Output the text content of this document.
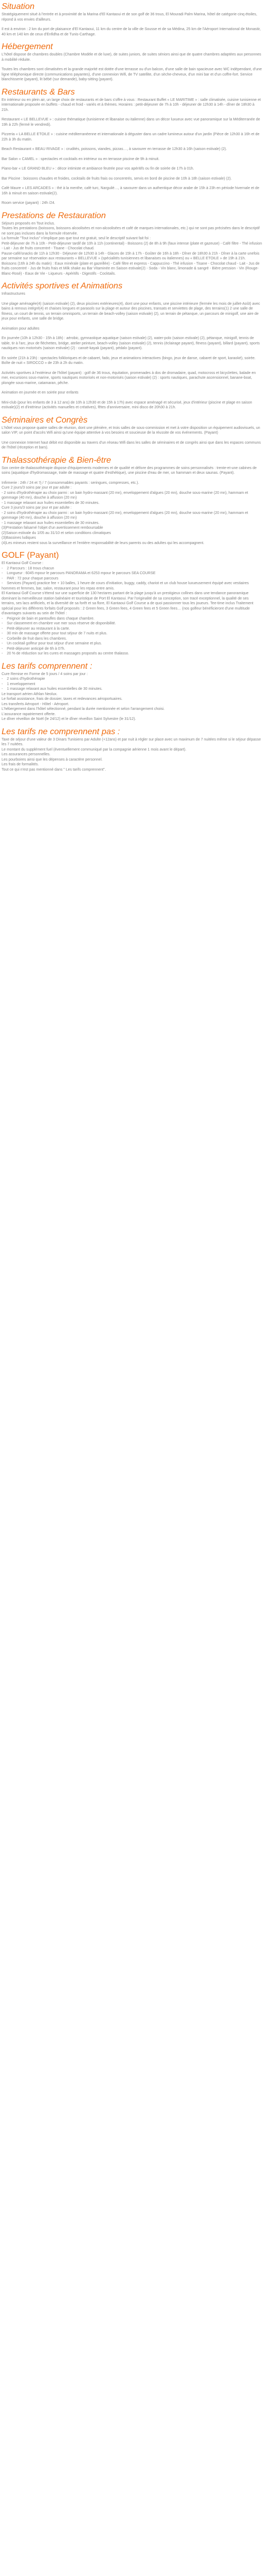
Situation

Stratégiquement situé à l'entrée et à proximité de la Marina d'El Kantaoui et de son golf de 36 trous, El Mouradi Palm Marina, hôtel de catégorie cinq étoiles, répond à vos envies d'ailleurs.

Il est à environ : 2 km du port de plaisance d'El Kantaoui, 11 km du centre de la ville de Sousse et de sa Médina, 25 km de l'Aéroport International de Monastir, 40 km et 140 km de ceux d'Enfidha et de Tunis-Carthage.

Hébergement

L'hôtel dispose de chambres doubles (Chambre Modèle et de luxe), de suites juniors, de suites séniors ainsi que de quatre chambres adaptées aux personnes à mobilité réduite.

Toutes les chambres sont climatisées et la grande majorité est dotée d'une terrasse ou d'un balcon, d'une salle de bain spacieuse avec WC indépendant, d'une ligne téléphonique directe (communications payantes), d'une connexion Wifi, de TV satellite, d'un sèche-cheveux, d'un mini bar et d'un coffre-fort. Service blanchisserie (payant), lit bébé (sur demande), baby-sitting (payant).

Restaurants & Bars

En intérieur ou en plein air, un large choix de restaurants et de bars s'offre à vous : Restaurant Buffet « LE MARITIME » : salle climatisée, cuisine tunisienne et internationale proposée en buffets - chaud et froid - variés et à thèmes. Horaires : petit-déjeuner de 7h à 10h - déjeuner de 12h30 à 14h - dîner de 18h30 à 21h.

Restaurant « LE BELLEVUE » : cuisine thématique (tunisienne et libanaise ou italienne) dans un décor luxueux avec vue panoramique sur la Méditerranée de 19h à 22h (fermé le vendredi).

Pizzeria « LA BELLE ETOILE » : cuisine méditerranéenne et internationale à déguster dans un cadre lumineux autour d'un jardin (Pièce de 12h30 à 16h et de 22h à 3h du matin.

Beach Restaurant « BEAU RIVAGE » : crudités, poissons, viandes, pizzas…, à savourer en terrasse de 12h30 à 16h (saison estivale) (2).

Bar Salon « CAMEL » : spectacles et cocktails en intérieur ou en terrasse piscine de 9h à minuit.

Piano-bar « LE GRAND BLEU » : décor intimiste et ambiance feutrée pour vos apéritifs ou fin de soirée de 17h à 01h.

Bar Piscine : boissons chaudes et froides, cocktails de fruits frais ou concentrés, servis en bord de piscine de 10h à 18h (saison estivale) (2).

Café Maure « LES ARCADES » : thé à la menthe, café turc, Narguilé…, à savourer dans un authentique décor arabe de 15h à 23h en période hivernale et de 16h à minuit en saison estivale(2).

Room service (payant) : 24h /24.

Prestations de Restauration

Séjours proposés en Tout inclus.

Toutes les prestations (boissons, boissons alcoolisées et non-alcoolisées et café de marques internationales, etc.) qui ne sont pas précisées dans le descriptif ne sont pas incluses dans la formule réservée.

La formule "Tout inclus" n'implique pas que tout est gratuit, seul le descriptif suivant fait foi :

Petit-déjeuner de 7h à 10h - Petit-déjeuner tardif de 10h à 11h (continental) - Boissons (2) de 8h à 9h (faux intense (plate et gazeuse) - Café filtre - Thé infusion - Lait - Jus de fruits concentré - Tisane - Chocolat chaud.

Pause-café/snacks de 11h à 12h30 - Déjeuner de 12h30 à 14h - Glaces de 15h à 17h - Goûter de 16h à 18h - Dîner de 18h30 à 21h - Dîner à la carte unefois par semaine sur réservation aux restaurants « BELLEVUE » (spécialités tunisiennes et libanaises ou italiennes) ou « BELLE ETOILE » de 19h à 21h.

Boissons (16h à 24h du matin) : Eaux minérale (plate et gazeillée) - Café filtre et express - Cappuccino - Thé infusion - Tisane - Chocolat chaud - Lait - Jus de fruits concentré - Jus de fruits frais et Milk shake au Bar Vitaminée en Saison estivale(2) - Soda - Vin blanc, limonade & sangré - Bière pression - Vin (Rouge-Blanc-Rosé) - Eaux de Vie - Liqueurs - Apéritifs - Digestifs - Cocktails.

Activités sportives et Animations

Infrastructures

Une plage aménagée(4) (saison estivale) (2), deux piscines extérieures(4), dont une pour enfants, une piscine intérieure (fermée les mois de juillet-Août) avec bains à remous intégré(4) et chaises longues et parasols sur la plage et autour des piscines, transats et serviettes de plage, des terrains(1) 2 une salle de fitness, un court de tennis, un terrain omnisports, un terrain de beach-volley (saison estivale) (2), un terrain de pétanque, un parcours de minigolf, une aire de jeux pour enfants, une salle de bridge.

Animation pour adultes

En journée (10h à 12h30 - 15h à 18h) : aérobic, gymnastique aquatique (saison estivale) (2), water-polo (saison estivale) (2), pétanque, minigolf, tennis de table, tir à l'arc, jeux de fléchettes, bridge, atelier peinture, beach-volley (saison estivale) (2), tennis (éclairage payant), fitness (payant), billard (payant), sports nautiques non motorisés (saison estivale) (2) : canoë-kayak (payant), pédalo (payant).

En soirée (21h à 23h) : spectacles folkloriques et de cabaret, fado, jeux et animations interactives (bingo, jeux de danse, cabaret de sport, karaoké), soirée. Boîte de nuit « SIROCCO » de 23h à 2h du matin.

Activités sportives à l'extérieur de l'hôtel (payant) : golf de 36 trous, équitation, promenades à dos de dromadaire, quad, motocross et bicyclettes, balade en mer, excursions sous-marine, sports nautiques motorisés et non-motorisés (saison estivale) (2) : sports nautiques, parachute ascensionnel, banane-boat, plongée sous-marine, catamaran, pêche.

Animation en journée et en soirée pour enfants

Mini-club (pour les enfants de 3 à 12 ans) de 10h à 12h30 et de 15h à 17h) avec espace aménagé et sécurisé, jeux d'intérieur (piscine et plage en saison estivale)(2) et d'intérieur (activités manuelles et créatives), fêtes d'anniversaire, mini disco de 20h30 à 21h.

Séminaires et Congrès

L'hôtel vous propose quatre salles de réunion, dont une plénière, et trois salles de sous-commission et met à votre disposition un équipement audiovisuels, un salon VIP, un point d'accès Wifi ainsi qu'une équipe attentive à vos besoins et soucieuse de la réussite de vos événements. (Payant)

Une connexion Internet haut débit est disponible au travers d'un réseau Wifi dans les salles de séminaires et de congrès ainsi que dans les espaces communs de l'hôtel (réception et bars).

Thalassothérapie & Bien-être

Son centre de thalassothérapie dispose d'équipements modernes et de qualité et délivre des programmes de soins personnalisés : trente-et-une cabines de soins (aquatique d'hydromassage, traite de massage et quatre d'esthétique), une piscine d'eau de mer, un hammam et deux saunas. (Payant).

Infirmerie : 24h / 24 et 7j / 7 (consommables payants : seringues, compresses, etc.).

Cure 2 jours/3 soins par jour et par adulte :

- 2 soins d'hydrothérapie au choix parmi : un bain hydro-massant (20 mn), enveloppement d'algues (20 mn), douche sous-marine (20 mn), hammam et gommage (40 mn), douche à affusion (20 mn)

- 1 massage relaxant aux huiles essentielles de 30 minutes.

Cure 3 jours/3 soins par jour et par adulte :

- 2 soins d'hydrothérapie au choix parmi : un bain hydro-massant (20 mn), enveloppement d'algues (20 mn), douche sous-marine (20 mn), hammam et gommage (40 mn), douche à affusion (20 mn)

- 1 massage relaxant aux huiles essentielles de 30 minutes.

(3)Prestation falsarné l'objet d'un avertissement remboursable

(2)Saison estivale du 1/05 au 31/10 et selon conditions climatiques

(3)Bassines ludiques

(4)Les mineurs restent sous la surveillance et l'entière responsabilité de leurs parents ou des adultes qui les accompagnent.

GOLF (Payant)

El Kantaoui Golf Course :

- 2 Parcours : 18 trous chacun
- Longueur : 6045 mpour le parcours PANORAMA et 6253 mpour le parcours SEA COURSE
- PAR : 72 pour chaque parcours
- Services (Payant) practice fee + 10 balles, 1 heure de cours d'initiation, buggy, caddy, chariot et un club house luxueusement équipé avec vestiaires hommes et femmes, bar, salon, restaurant pour les repas entre amis.

El Kantaoui Golf Course s'étend sur une superficie de 130 hectares partant de la plage jusqu'à un prestigieux collines dans une tendance panoramique dominant la merveilleuse station balnéaire et touristique de Port El Kantaoui. Par l'originalité de sa conception, son tracé exceptionnel, la qualité de ses terrains, ses lacs artificiels, et la diversité de sa forêt et sa flore, El Kantaoui Golf Course a de quoi passionner tous les joueurs. Tee-time inclus Traitement spécial pour les différents forfaits Golf proposés : 2 Green fees, 3 Green fees, 4 Green fees et 5 Green fees… (nos golfeur bénéficieront d'une multitude d'avantages suivants au sein de l'hôtel :

- Peignoir de bain et pantoufles dans chaque chambre.
- Sur classement en chambre vue mer sous réserve de disponibilité.
- Petit-déjeuner au restaurant à la carte.
- 30 min de massage offerte pour tout séjour de 7 nuits et plus.
- Corbeille de fruit dans les chambres.
- Un cocktail golfeur pour tout séjour d'une semaine et plus.
- Petit-déjeuner anticipé de 6h à 07h.
- 20 % de réduction sur les cures et massages proposés au centre thalasso.
Les tarifs comprennent :

Cure Remise en Forme de 5 jours / 4 soins par jour :

- 2 soins d'hydrothérapie
- 1 enveloppement
- 1 massage relaxant aux huiles essentielles de 30 minutes.

Le transport aérien Athlan Neolux.

Le forfait assistance, frais de dossier, taxes et redevances aéroportuaires.

Les transferts Aéroport - Hôtel - Aéroport.

L'hébergement dans l'hôtel sélectionné, pendant la durée mentionnée et selon l'arrangement choisi.

L'assurance rapatriement offerte.

Le dîner réveillon de Noël (le 24/12) et le dîner réveillon Saint Sylvestre (le 31/12).

Les tarifs ne comprennent pas :

Taxe de séjour d'une valeur de 3 Dinars Tunisiens par Adulte (+12ans) et par nuit à régler sur place avec un maximum de 7 nuitées même si le séjour dépasse les 7 nuitées.

Le montant du supplément fuel (éventuellement communiqué par la compagnie aérienne 1 mois avant le départ).

Les assurances personnelles.

Les pourboires ainsi que les dépenses à caractère personnel.

Les frais de formalités.

Tout ce qui n'est pas mentionné dans " Les tarifs comprennent".
